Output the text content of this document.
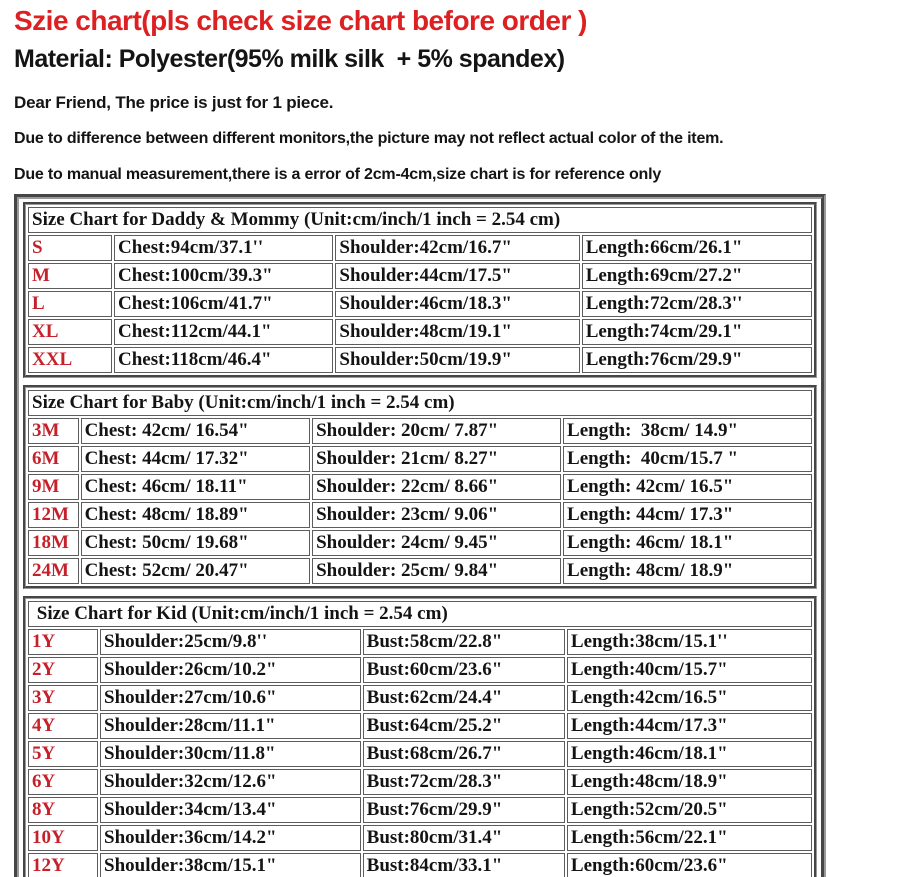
Szie chart(pls check size chart before order )
Material: Polyester(95% milk silk  + 5% spandex)
Dear Friend, The price is just for 1 piece.
Due to difference between different monitors,the picture may not reflect actual color of the item.
Due to manual measurement,there is a error of 2cm-4cm,size chart is for reference only
Size Chart for Daddy & Mommy (Unit:cm/inch/1 inch = 2.54 cm)			
S	Chest:94cm/37.1''	Shoulder:42cm/16.7"	Length:66cm/26.1"
M	Chest:100cm/39.3"	Shoulder:44cm/17.5"	Length:69cm/27.2"
L	Chest:106cm/41.7"	Shoulder:46cm/18.3"	Length:72cm/28.3''
XL	Chest:112cm/44.1"	Shoulder:48cm/19.1"	Length:74cm/29.1"
XXL	Chest:118cm/46.4"	Shoulder:50cm/19.9"	Length:76cm/29.9"
Size Chart for Baby (Unit:cm/inch/1 inch = 2.54 cm)			
3M	Chest: 42cm/ 16.54"	Shoulder: 20cm/ 7.87"	Length:  38cm/ 14.9"
6M	Chest: 44cm/ 17.32"	Shoulder: 21cm/ 8.27"	Length:  40cm/15.7 "
9M	Chest: 46cm/ 18.11"	Shoulder: 22cm/ 8.66"	Length: 42cm/ 16.5"
12M	Chest: 48cm/ 18.89"	Shoulder: 23cm/ 9.06"	Length: 44cm/ 17.3"
18M	Chest: 50cm/ 19.68"	Shoulder: 24cm/ 9.45"	Length: 46cm/ 18.1"
24M	Chest: 52cm/ 20.47"	Shoulder: 25cm/ 9.84"	Length: 48cm/ 18.9"
Size Chart for Kid (Unit:cm/inch/1 inch = 2.54 cm)			
1Y	Shoulder:25cm/9.8''	Bust:58cm/22.8"	Length:38cm/15.1''
2Y	Shoulder:26cm/10.2"	Bust:60cm/23.6"	Length:40cm/15.7"
3Y	Shoulder:27cm/10.6"	Bust:62cm/24.4"	Length:42cm/16.5"
4Y	Shoulder:28cm/11.1"	Bust:64cm/25.2"	Length:44cm/17.3"
5Y	Shoulder:30cm/11.8"	Bust:68cm/26.7"	Length:46cm/18.1"
6Y	Shoulder:32cm/12.6"	Bust:72cm/28.3"	Length:48cm/18.9"
8Y	Shoulder:34cm/13.4"	Bust:76cm/29.9"	Length:52cm/20.5"
10Y	Shoulder:36cm/14.2"	Bust:80cm/31.4"	Length:56cm/22.1"
12Y	Shoulder:38cm/15.1"	Bust:84cm/33.1"	Length:60cm/23.6"
